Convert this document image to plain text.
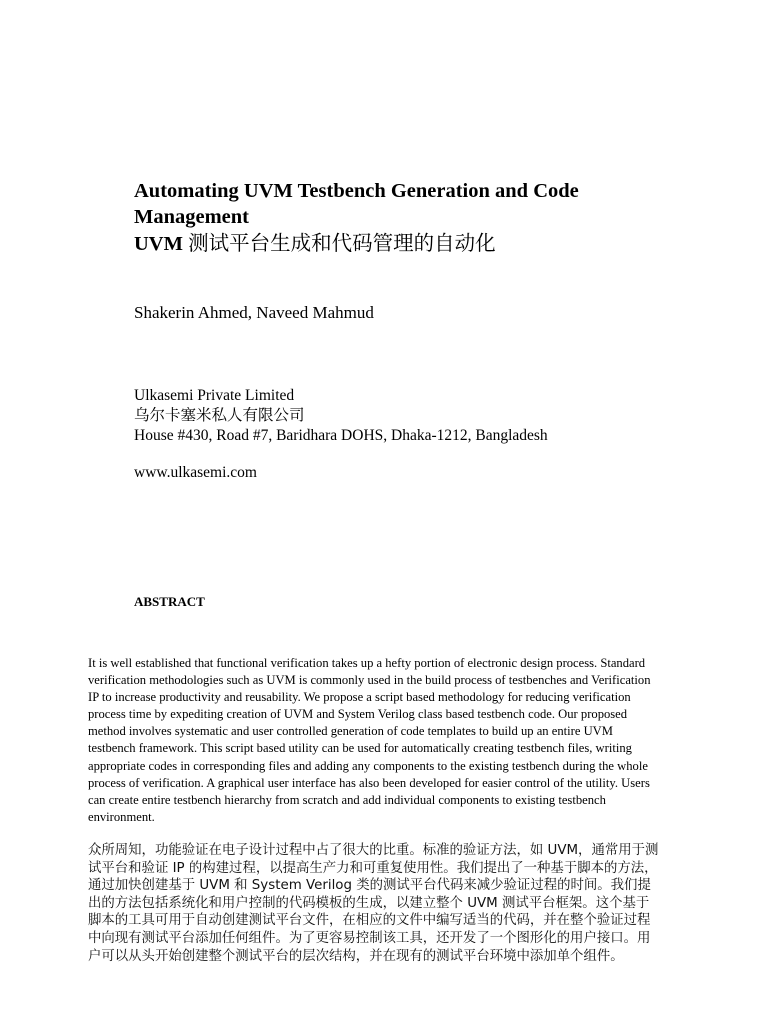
Automating UVM Testbench Generation and Code Management

UVM 测试平台生成和代码管理的自动化

Shakerin Ahmed, Naveed Mahmud
Ulkasemi Private Limited
乌尔卡塞米私人有限公司
House #430, Road #7, Baridhara DOHS, Dhaka-1212, Bangladesh
www.ulkasemi.com
ABSTRACT
It is well established that functional verification takes up a hefty portion of electronic design process. Standard verification methodologies such as UVM is commonly used in the build process of testbenches and Verification IP to increase productivity and reusability. We propose a script based methodology for reducing verification process time by expediting creation of UVM and System Verilog class based testbench code. Our proposed method involves systematic and user controlled generation of code templates to build up an entire UVM testbench framework. This script based utility can be used for automatically creating testbench files, writing appropriate codes in corresponding files and adding any components to the existing testbench during the whole process of verification. A graphical user interface has also been developed for easier control of the utility. Users can create entire testbench hierarchy from scratch and add individual components to existing testbench environment.
众所周知，功能验证在电子设计过程中占了很大的比重。标准的验证方法，如 UVM，通常用于测试平台和验证 IP 的构建过程，以提高生产力和可重复使用性。我们提出了一种基于脚本的方法，通过加快创建基于 UVM 和 System Verilog 类的测试平台代码来减少验证过程的时间。我们提出的方法包括系统化和用户控制的代码模板的生成，以建立整个 UVM 测试平台框架。这个基于脚本的工具可用于自动创建测试平台文件，在相应的文件中编写适当的代码，并在整个验证过程中向现有测试平台添加任何组件。为了更容易控制该工具，还开发了一个图形化的用户接口。用户可以从头开始创建整个测试平台的层次结构，并在现有的测试平台环境中添加单个组件。
